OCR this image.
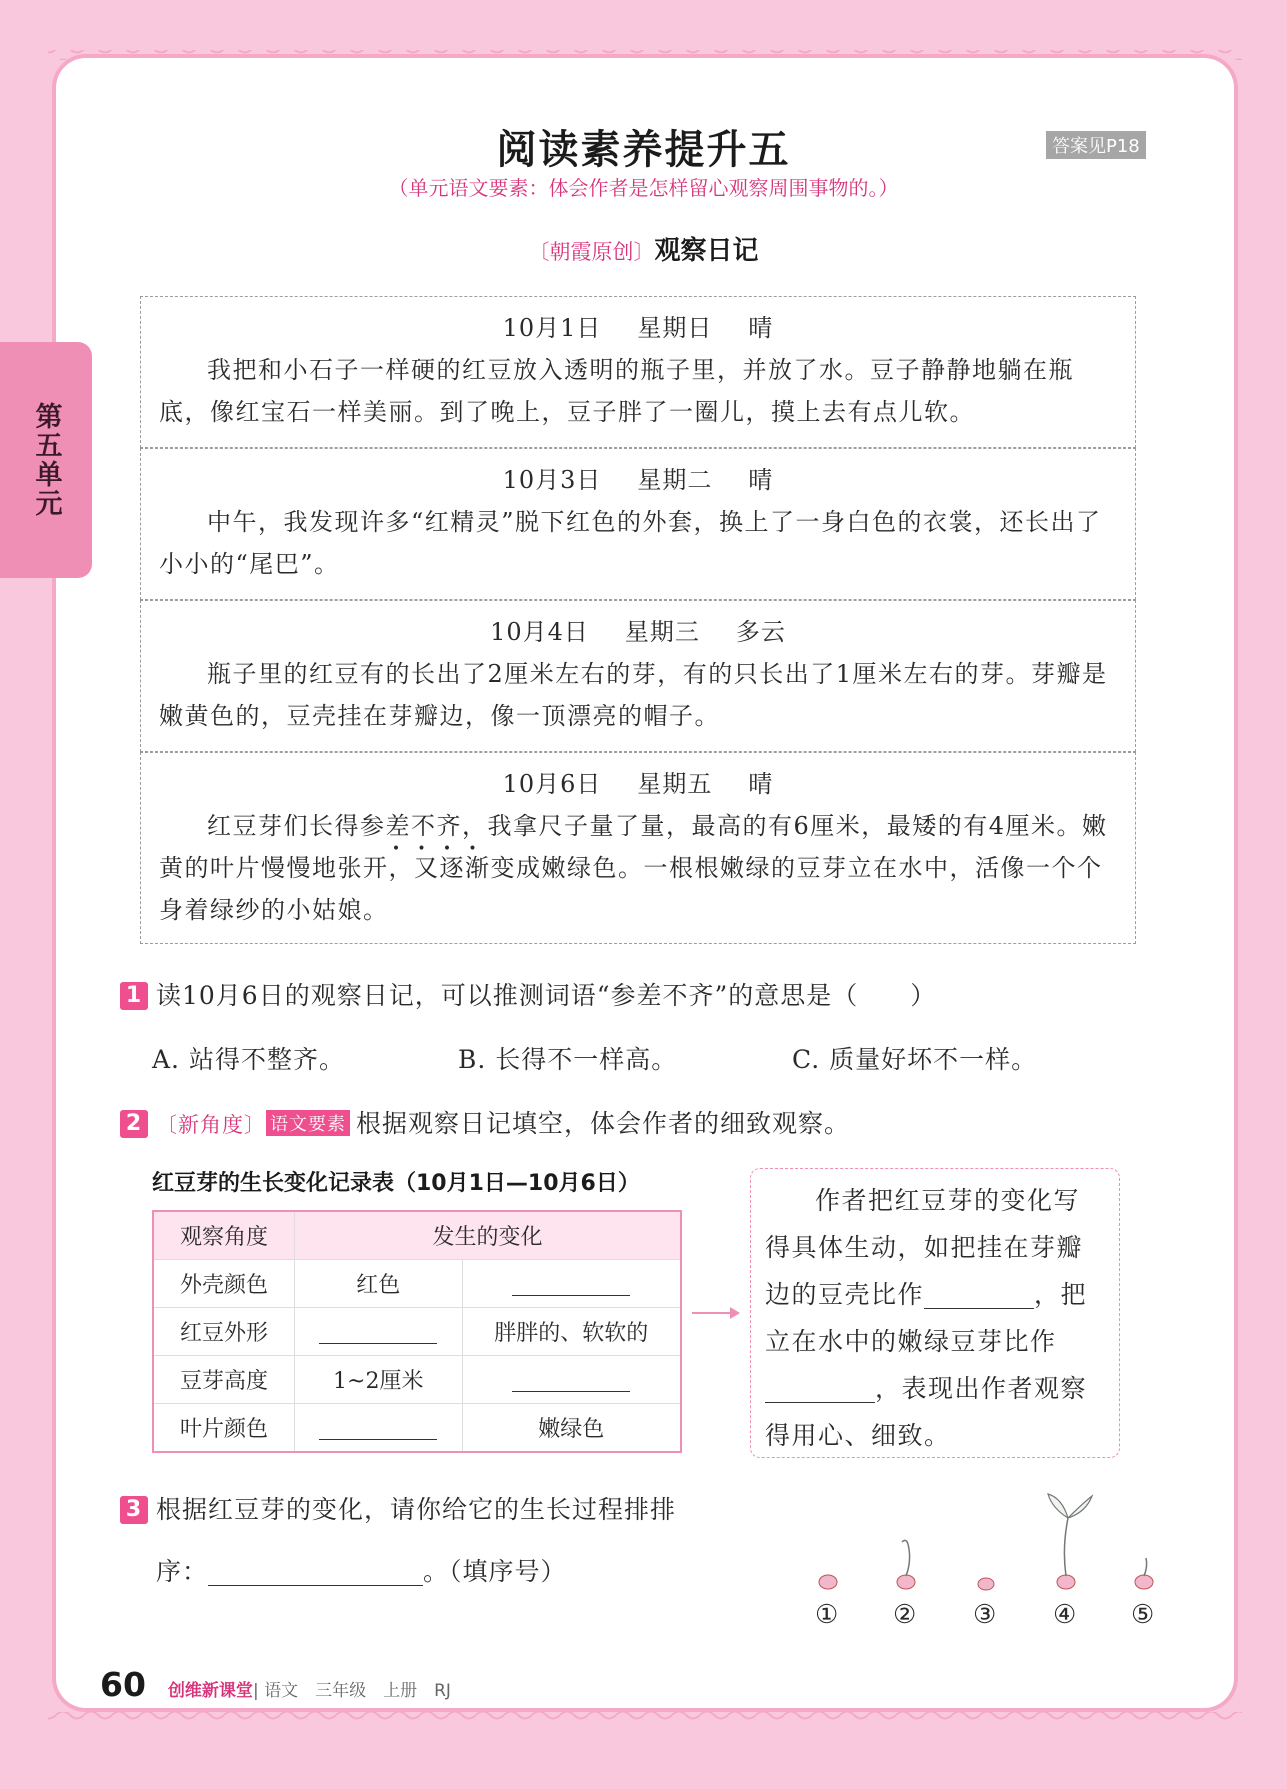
第五单元
阅读素养提升五	答案见P18
（单元语文要素：体会作者是怎样留心观察周围事物的。）
〔朝霞原创〕观察日记
10月1日 星期日 晴

我把和小石子一样硬的红豆放入透明的瓶子里，并放了水。豆子静静地躺在瓶底，像红宝石一样美丽。到了晚上，豆子胖了一圈儿，摸上去有点儿软。

10月3日 星期二 晴

中午，我发现许多“红精灵”脱下红色的外套，换上了一身白色的衣裳，还长出了小小的“尾巴”。

10月4日 星期三 多云

瓶子里的红豆有的长出了2厘米左右的芽，有的只长出了1厘米左右的芽。芽瓣是嫩黄色的，豆壳挂在芽瓣边，像一顶漂亮的帽子。

10月6日 星期五 晴

红豆芽们长得参差不齐，我拿尺子量了量，最高的有6厘米，最矮的有4厘米。嫩黄的叶片慢慢地张开，又逐渐变成嫩绿色。一根根嫩绿的豆芽立在水中，活像一个个身着绿纱的小姑娘。

1 读10月6日的观察日记，可以推测词语“参差不齐”的意思是（　　）
A. 站得不整齐。	B. 长得不一样高。	C. 质量好坏不一样。
2 〔新角度〕 语文要素 根据观察日记填空，体会作者的细致观察。
红豆芽的生长变化记录表（10月1日—10月6日）
观察角度	发生的变化	
外壳颜色	红色	
红豆外形		胖胖的、软软的
豆芽高度	1~2厘米	
叶片颜色		嫩绿色

作者把红豆芽的变化写得具体生动，如把挂在芽瓣边的豆壳比作	，把立在水中的嫩绿豆芽比作，表现出作者观察得用心、细致。

3 根据红豆芽的变化，请你给它的生长过程排排
序：	。（填序号）
① ② ③ ④ ⑤
60 创维新课堂| 语文　三年级　上册　RJ
